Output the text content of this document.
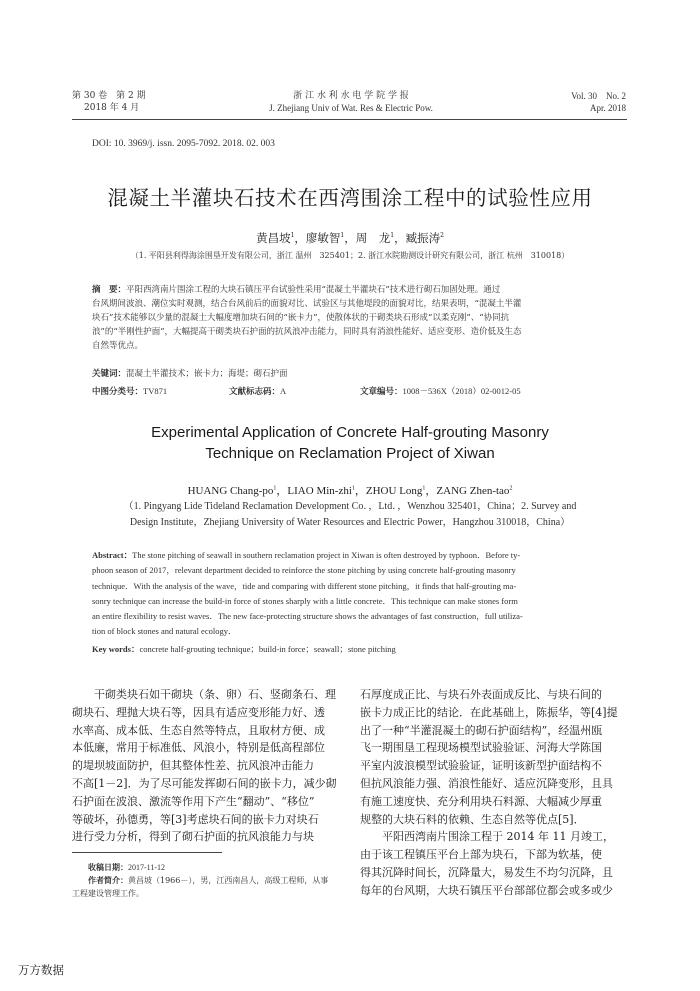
第 30 卷　第 2 期
2018 年 4 月
浙 江 水 利 水 电 学 院 学 报
J. Zhejiang Univ of Wat. Res & Electric Pow.
Vol. 30　No. 2
Apr. 2018
DOI: 10. 3969/j. issn. 2095-7092. 2018. 02. 003
混凝土半灌块石技术在西湾围涂工程中的试验性应用
黄昌坡$^1$，廖敏智$^1$，周　龙$^1$，臧振涛$^2$
（1. 平阳县利得海涂围垦开发有限公司，浙江 温州　325401；2. 浙江水院勘测设计研究有限公司，浙江 杭州　310018）
摘　要：平阳西湾南片围涂工程的大块石镇压平台试验性采用“混凝土半灌块石”技术进行砌石加固处理。通过
台风期间波浪、潮位实时观测，结合台风前后的面貌对比、试验区与其他堤段的面貌对比，结果表明，“混凝土半灌
块石”技术能够以少量的混凝土大幅度增加块石间的“嵌卡力”，使散体状的干砌类块石形成“以柔克刚”、“协同抗
浪”的“半刚性护面”，大幅提高干砌类块石护面的抗风浪冲击能力，同时具有消浪性能好、适应变形、造价低及生态
自然等优点。
关键词：混凝土半灌技术；嵌卡力；海堤；砌石护面
中图分类号：TV871	文献标志码：A	文章编号：1008－536X（2018）02-0012-05
Experimental Application of Concrete Half-grouting Masonry
Technique on Reclamation Project of Xiwan
HUANG Chang-$po^1$，LIAO Min-zhi$^1$，ZHOU Long$^1$，ZANG Zhen-tao$^2$
（1. Pingyang Lide Tideland Reclamation Development Co．，Ltd．，Wenzhou 325401，China；2. Survey and
Design Institute，Zhejiang University of Water Resources and Electric Power，Hangzhou 310018，China）
Abstract：The stone pitching of seawall in southern reclamation project in Xiwan is often destroyed by typhoon．Before ty-
phoon season of 2017，relevant department decided to reinforce the stone pitching by using concrete half-grouting masonry
technique．With the analysis of the wave，tide and comparing with different stone pitching，it finds that half-grouting ma-
sonry technique can increase the build-in force of stones sharply with a little concrete．This technique can make stones form
an entire flexibility to resist waves．The new face-protecting structure shows the advantages of fast construction，full utiliza-
tion of block stones and natural ecology．
Key words：concrete half-grouting technique；build-in force；seawall；stone pitching
　　干砌类块石如干砌块（条、卵）石、竖砌条石、理
砌块石、理抛大块石等，因具有适应变形能力好、透
水率高、成本低、生态自然等特点，且取材方便、成
本低廉，常用于标准低、风浪小，特别是低高程部位
的堤坝坡面防护，但其整体性差、抗风浪冲击能力
不高[1－2]．为了尽可能发挥砌石间的嵌卡力，减少砌
石护面在波浪、激流等作用下产生“翻动”、“移位”
等破坏，孙德勇，等[3]考虑块石间的嵌卡力对块石
进行受力分析，得到了砌石护面的抗风浪能力与块
收稿日期：2017-11-12
作者简介：黄昌坡（1966－），男，江西南昌人，高级工程师，从事
工程建设管理工作。
石厚度成正比、与块石外表面成反比、与块石间的
嵌卡力成正比的结论．在此基础上，陈振华，等[4]提
出了一种“半灌混凝土的砌石护面结构”，经温州瓯
飞一期围垦工程现场模型试验验证、河海大学陈国
平室内波浪模型试验验证，证明该新型护面结构不
但抗风浪能力强、消浪性能好、适应沉降变形，且具
有施工速度快、充分利用块石料源、大幅减少厚重
规整的大块石料的依赖、生态自然等优点[5]．
　　平阳西湾南片围涂工程于 2014 年 11 月竣工，
由于该工程镇压平台上部为块石，下部为软基，使
得其沉降时间长，沉降量大，易发生不均匀沉降，且
每年的台风期，大块石镇压平台部部位都会或多或少
万方数据
